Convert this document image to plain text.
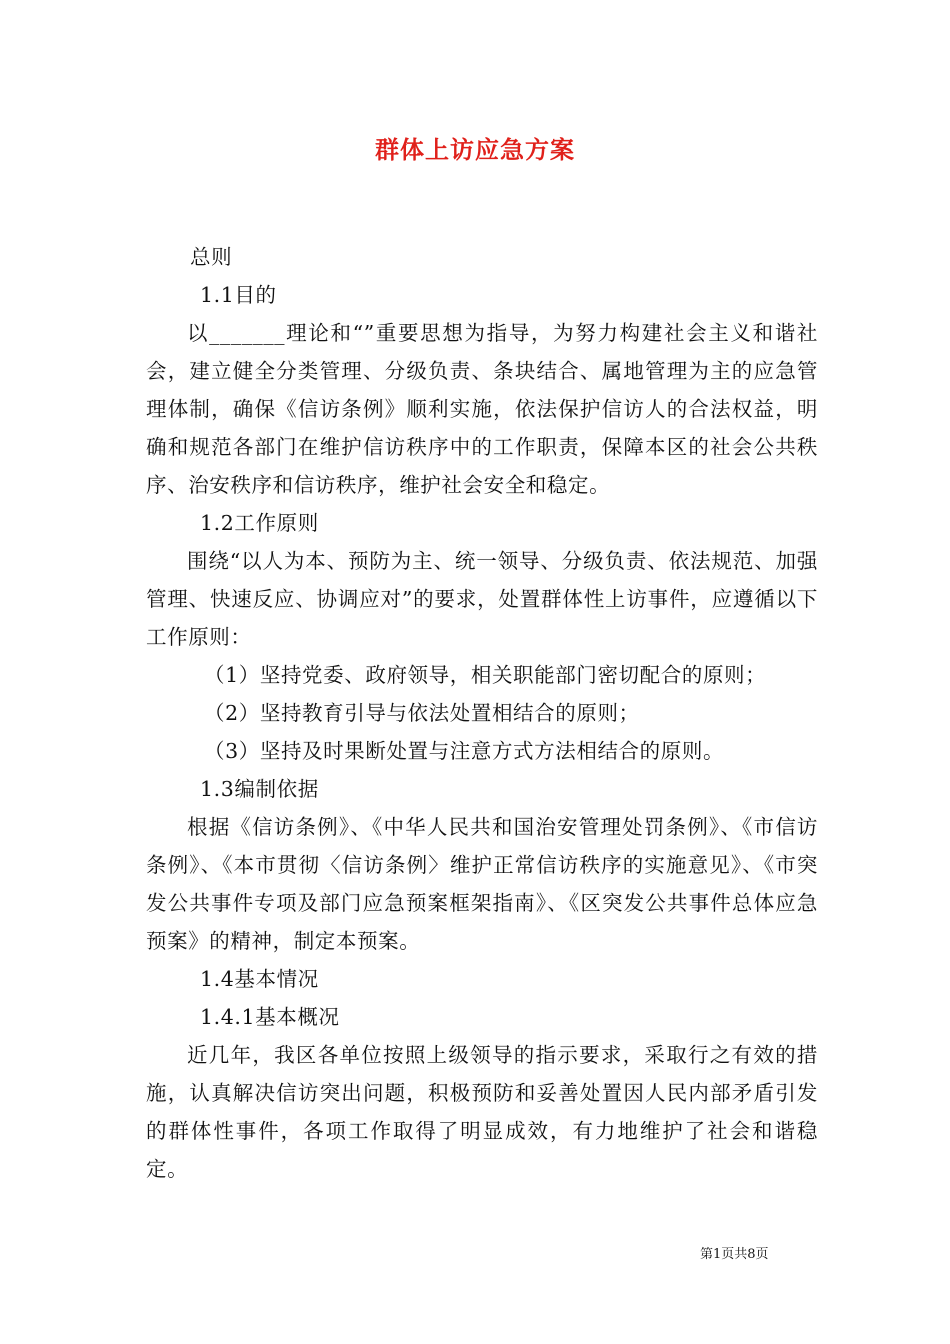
群体上访应急方案

总则

1.1目的

以_______理论和“”重要思想为指导，为努力构建社会主义和谐社会，建立健全分类管理、分级负责、条块结合、属地管理为主的应急管理体制，确保《信访条例》顺利实施，依法保护信访人的合法权益，明确和规范各部门在维护信访秩序中的工作职责，保障本区的社会公共秩序、治安秩序和信访秩序，维护社会安全和稳定。

1.2工作原则

围绕“以人为本、预防为主、统一领导、分级负责、依法规范、加强管理、快速反应、协调应对”的要求，处置群体性上访事件，应遵循以下工作原则：

（1）坚持党委、政府领导，相关职能部门密切配合的原则；

（2）坚持教育引导与依法处置相结合的原则；

（3）坚持及时果断处置与注意方式方法相结合的原则。

1.3编制依据

根据《信访条例》、《中华人民共和国治安管理处罚条例》、《市信访条例》、《本市贯彻〈信访条例〉维护正常信访秩序的实施意见》、《市突发公共事件专项及部门应急预案框架指南》、《区突发公共事件总体应急预案》的精神，制定本预案。

1.4基本情况

1.4.1基本概况

近几年，我区各单位按照上级领导的指示要求，采取行之有效的措施，认真解决信访突出问题，积极预防和妥善处置因人民内部矛盾引发的群体性事件，各项工作取得了明显成效，有力地维护了社会和谐稳定。

第1页共8页
